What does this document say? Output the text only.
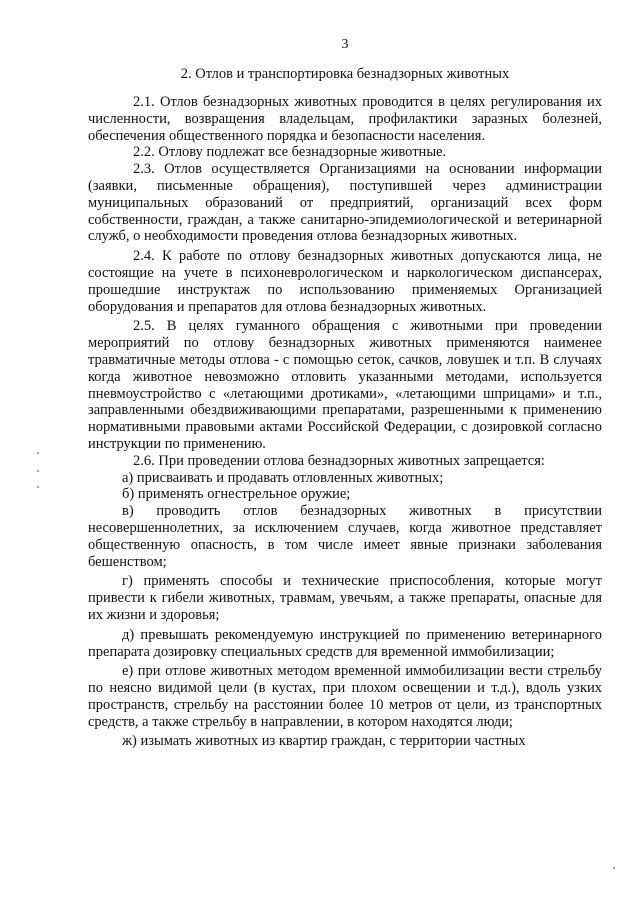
3
2. Отлов и транспортировка безнадзорных животных

2.1. Отлов безнадзорных животных проводится в целях регулирования их численности, возвращения владельцам, профилактики заразных болезней, обеспечения общественного порядка и безопасности населения.

2.2. Отлову подлежат все безнадзорные животные.

2.3. Отлов осуществляется Организациями на основании информации (заявки, письменные обращения), поступившей через администрации муниципальных образований от предприятий, организаций всех форм собственности, граждан, а также санитарно-эпидемиологической и ветеринарной служб, о необходимости проведения отлова безнадзорных животных.

2.4. К работе по отлову безнадзорных животных допускаются лица, не состоящие на учете в психоневрологическом и наркологическом диспансерах, прошедшие инструктаж по использованию применяемых Организацией оборудования и препаратов для отлова безнадзорных животных.

2.5. В целях гуманного обращения с животными при проведении мероприятий по отлову безнадзорных животных применяются наименее травматичные методы отлова - с помощью сеток, сачков, ловушек и т.п. В случаях когда животное невозможно отловить указанными методами, используется пневмоустройство с «летающими дротиками», «летающими шприцами» и т.п., заправленными обездвиживающими препаратами, разрешенными к применению нормативными правовыми актами Российской Федерации, с дозировкой согласно инструкции по применению.

2.6. При проведении отлова безнадзорных животных запрещается:

а) присваивать и продавать отловленных животных;

б) применять огнестрельное оружие;

в) проводить отлов безнадзорных животных в присутствии несовершеннолетних, за исключением случаев, когда животное представляет общественную опасность, в том числе имеет явные признаки заболевания бешенством;

г) применять способы и технические приспособления, которые могут привести к гибели животных, травмам, увечьям, а также препараты, опасные для их жизни и здоровья;

д) превышать рекомендуемую инструкцией по применению ветеринарного препарата дозировку специальных средств для временной иммобилизации;

е) при отлове животных методом временной иммобилизации вести стрельбу по неясно видимой цели (в кустах, при плохом освещении и т.д.), вдоль узких пространств, стрельбу на расстоянии более 10 метров от цели, из транспортных средств, а также стрельбу в направлении, в котором находятся люди;

ж) изымать животных из квартир граждан, с территории частных
